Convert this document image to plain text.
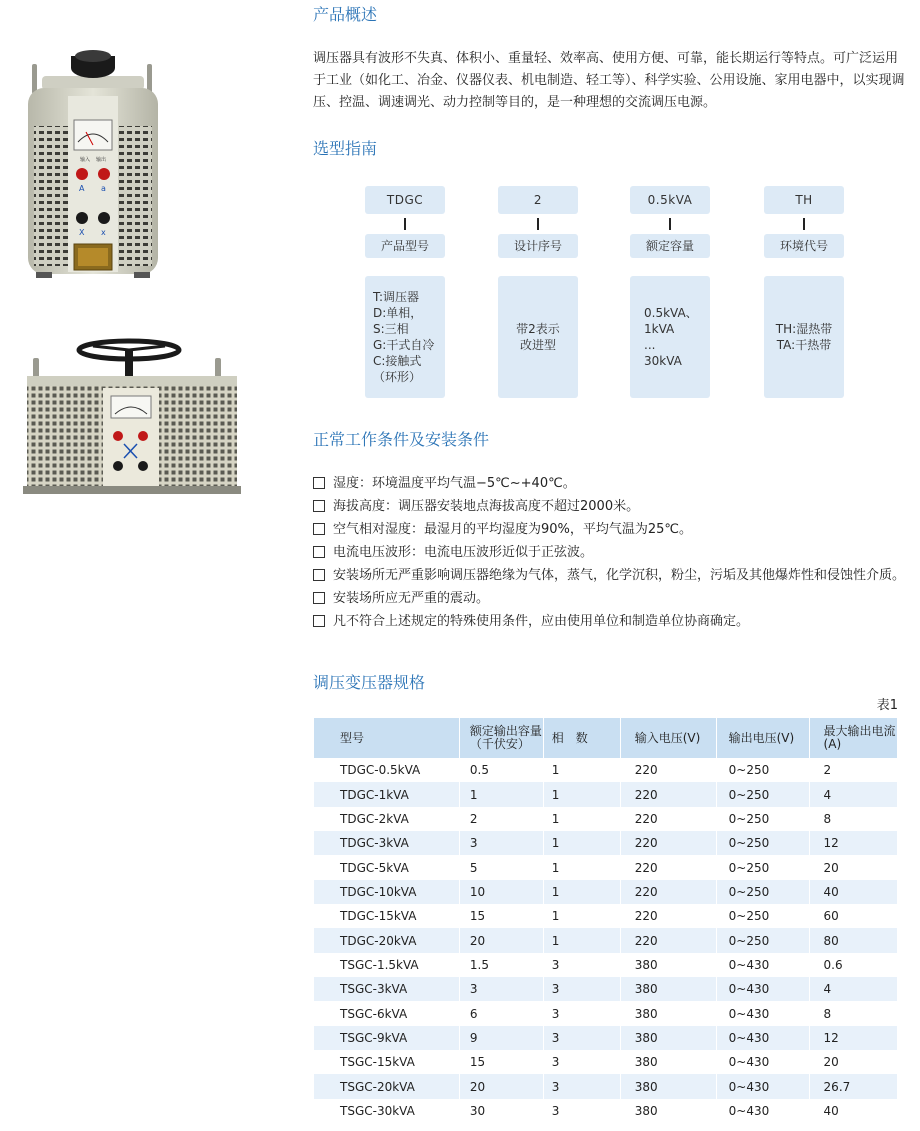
输入 输出
A a
X x
产品概述

调压器具有波形不失真、体积小、重量轻、效率高、使用方便、可靠，能长期运行等特点。可广泛运用于工业（如化工、冶金、仪器仪表、机电制造、轻工等）、科学实验、公用设施、家用电器中，以实现调压、控温、调速调光、动力控制等目的，是一种理想的交流调压电源。

选型指南
TDGC
产品型号
T:调压器
D:单相，
S:三相
G:干式自冷
C:接触式
（环形）
2
设计序号
带2表示
改进型
0.5kVA
额定容量
0.5kVA、
1kVA
...
30kVA
TH
环境代号
TH:湿热带
TA:干热带
正常工作条件及安装条件
湿度：环境温度平均气温−5℃~+40℃。
海拔高度：调压器安装地点海拔高度不超过2000米。
空气相对湿度：最湿月的平均湿度为90%，平均气温为25℃。
电流电压波形：电流电压波形近似于正弦波。
安装场所无严重影响调压器绝缘为气体，蒸气，化学沉积，粉尘，污垢及其他爆炸性和侵蚀性介质。
安装场所应无严重的震动。
凡不符合上述规定的特殊使用条件，应由使用单位和制造单位协商确定。
调压变压器规格
表1
型号	额定输出容量（千伏安）	相　数	输入电压(V)	输出电压(V)	最大输出电流(A)
TDGC-0.5kVA	0.5	1	220	0~250	2
TDGC-1kVA	1	1	220	0~250	4
TDGC-2kVA	2	1	220	0~250	8
TDGC-3kVA	3	1	220	0~250	12
TDGC-5kVA	5	1	220	0~250	20
TDGC-10kVA	10	1	220	0~250	40
TDGC-15kVA	15	1	220	0~250	60
TDGC-20kVA	20	1	220	0~250	80
TSGC-1.5kVA	1.5	3	380	0~430	0.6
TSGC-3kVA	3	3	380	0~430	4
TSGC-6kVA	6	3	380	0~430	8
TSGC-9kVA	9	3	380	0~430	12
TSGC-15kVA	15	3	380	0~430	20
TSGC-20kVA	20	3	380	0~430	26.7
TSGC-30kVA	30	3	380	0~430	40
